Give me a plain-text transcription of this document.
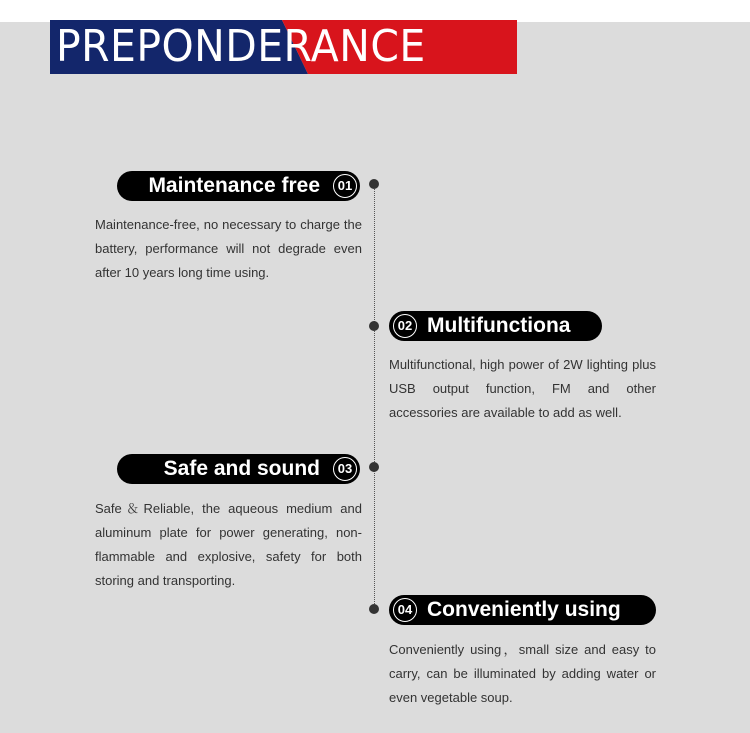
PREPONDERANCE
Maintenance free	01
Maintenance-free, no necessary to charge the battery, performance will not degrade even after 10 years long time using.
02 Multifunctiona
Multifunctional, high power of 2W lighting plus USB output function, FM and other accessories are available to add as well.
Safe and sound	03
Safe＆Reliable, the aqueous medium and aluminum plate for power generating, non-flammable and explosive, safety for both storing and transporting.
04 Conveniently using
Conveniently using，small size and easy to carry, can be illuminated by adding water or even vegetable soup.
